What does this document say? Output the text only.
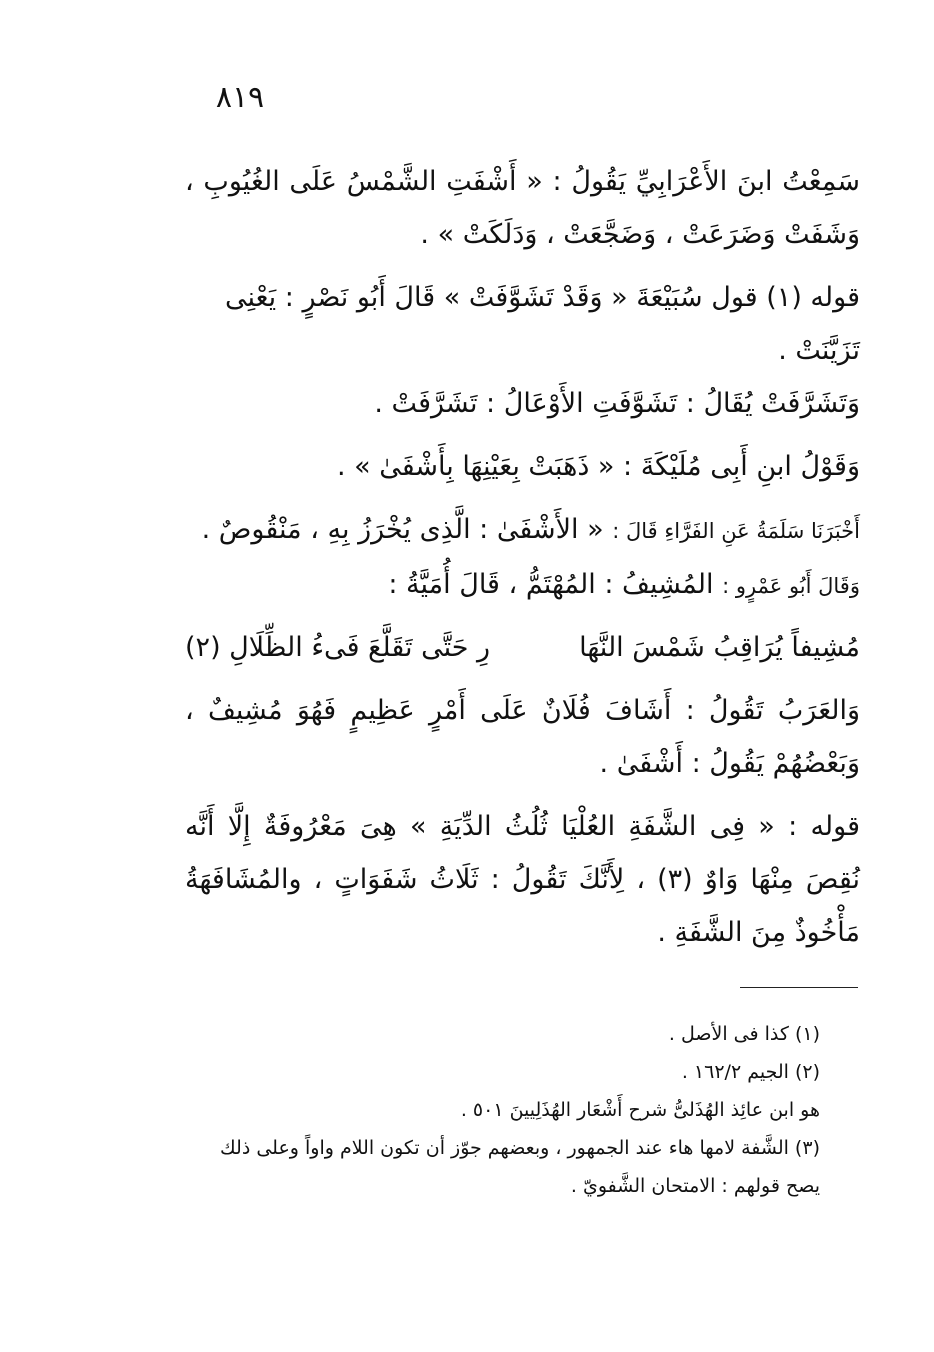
٨١٩

سَمِعْتُ ابنَ الأَعْرَابِيِّ يَقُولُ : « أَشْفَتِ الشَّمْسُ عَلَى الغُيُوبِ ، وَشَفَتْ وَضَرَعَتْ ، وَضَجَّعَتْ ، وَدَلَكَتْ » .

قوله (١) قول سُبَيْعَةَ « وَقَدْ تَشَوَّفَتْ » قَالَ أَبُو نَصْرٍ : يَعْنِى تَزَيَّنَتْ .

وَتَشَرَّفَتْ يُقَالُ : تَشَوَّفَتِ الأَوْعَالُ : تَشَرَّفَتْ .

وَقَوْلُ ابنِ أَبِى مُلَيْكَةَ : « ذَهَبَتْ بِعَيْنِهَا بِأَشْفَىٰ » .

أَخْبَرَنَا سَلَمَةُ عَنِ الفَرَّاءِ قَالَ : « الأَشْفَىٰ : الَّذِى يُخْرَزُ بِهِ ، مَنْقُوصٌ .

وَقَالَ أَبُو عَمْرٍو : المُشِيفُ : المُهْتَمُّ ، قَالَ أُمَيَّةُ :

مُشِيفاً يُرَاقِبُ شَمْسَ النَّهَا
رِ حَتَّى تَقَلَّعَ فَىءُ الظِّلَالِ (٢)

وَالعَرَبُ تَقُولُ : أَشَافَ فُلَانٌ عَلَى أَمْرٍ عَظِيمٍ فَهُوَ مُشِيفٌ ، وَبَعْضُهُمْ يَقُولُ : أَشْفَىٰ .

قوله : « فِى الشَّفَةِ العُلْيَا ثُلُثُ الدِّيَةِ » هِىَ مَعْرُوفَةٌ إِلَّا أَنَّه نُقِصَ مِنْهَا وَاوٌ (٣) ، لِأَنَّكَ تَقُولُ : ثَلَاثُ شَفَوَاتٍ ، والمُشَافَهَةُ مَأْخُوذٌ مِنَ الشَّفَةِ .

(١) كذا فى الأصل .

(٢) الجيم ١٦٢/٢ .

هو ابن عائِذ الهُذَلىُّ شرح أَشْعَار الهُذَلِيينَ ٥٠١ .

(٣) الشَّفة لامها هاء عند الجمهور ، وبعضهم جوّز أن تكون اللام واواً وعلى ذلك يصح قولهم : الامتحان الشَّفويّ .
